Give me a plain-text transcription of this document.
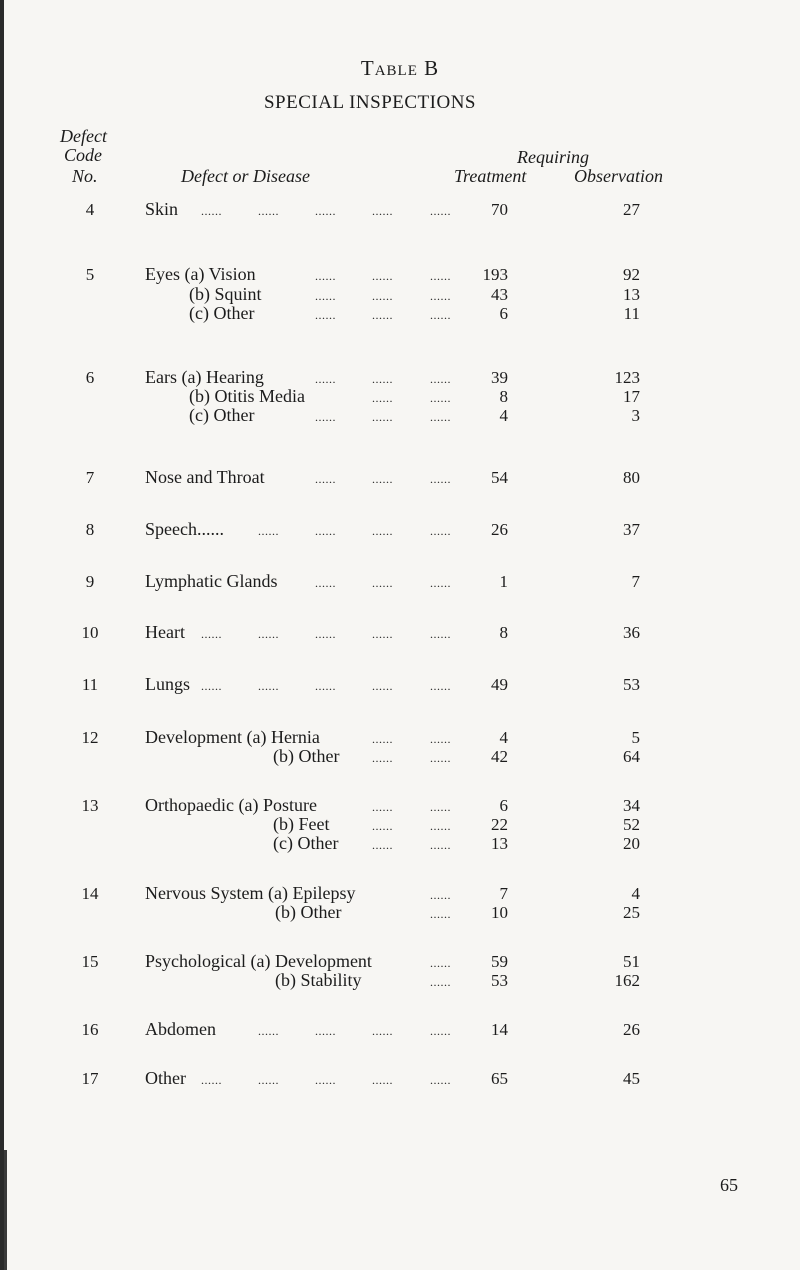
Table B
SPECIAL INSPECTIONS
Defect
Code
No.	Defect or Disease
Requiring
Treatment	Observation
4	Skin ......	......	......	......	......	70	27
5	Eyes (a) Vision	......	......	......	193	92
(b) Squint	......	......	......	43	13
(c) Other	......	......	......	6	11
6	Ears (a) Hearing	......	......	......	39	123
(b) Otitis Media	......	......	8	17
(c) Other	......	......	......	4	3
7	Nose and Throat	......	......	......	54	80
8	Speech......	......	......	......	......	26	37
9	Lymphatic Glands	......	......	......	1	7
10	Heart ......	......	......	......	......	8	36
11	Lungs ......	......	......	......	......	49	53
12	Development (a) Hernia	......	......	4	5
(b) Other	......	......	42	64
13	Orthopaedic (a) Posture	......	......	6	34
(b) Feet	......	......	22	52
(c) Other	......	......	13	20
14	Nervous System (a) Epilepsy	......	7	4
(b) Other	......	10	25
15	Psychological (a) Development	......	59	51
(b) Stability	......	53	162
16	Abdomen	......	......	......	......	14	26
17	Other ......	......	......	......	......	65	45
65
